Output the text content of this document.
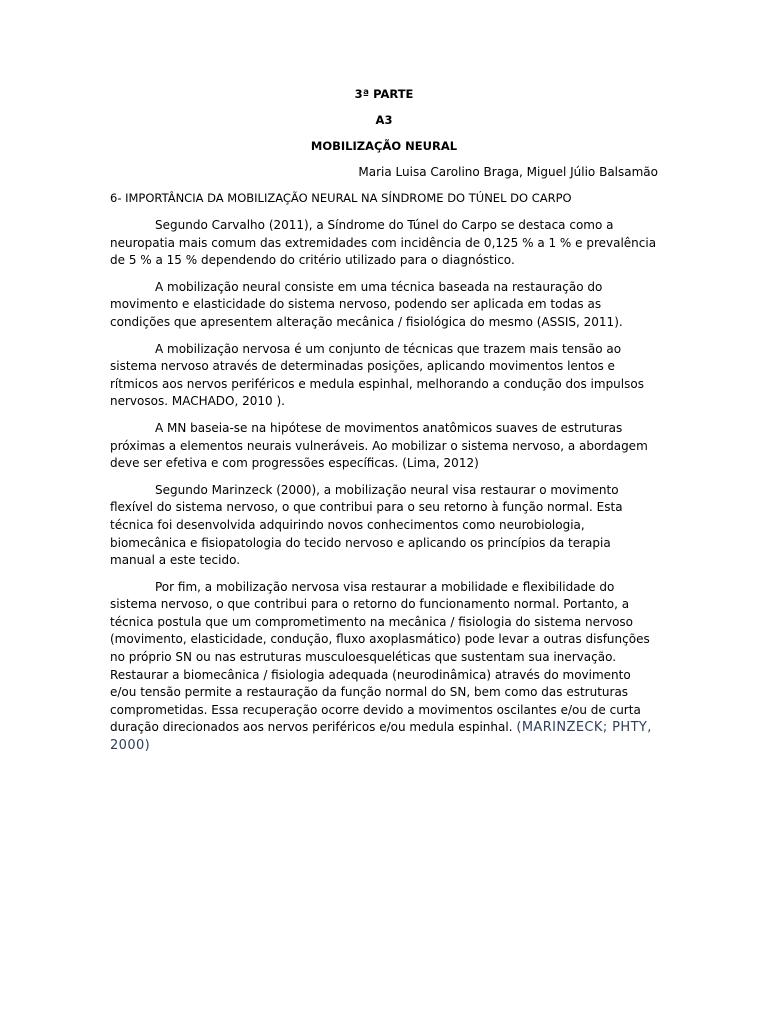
3ª PARTE
A3
MOBILIZAÇÃO NEURAL
Maria Luisa Carolino Braga, Miguel Júlio Balsamão
6- IMPORTÂNCIA DA MOBILIZAÇÃO NEURAL NA SÍNDROME DO TÚNEL DO CARPO

Segundo Carvalho (2011), a Síndrome do Túnel do Carpo se destaca como a neuropatia mais comum das extremidades com incidência de 0,125 % a 1 % e prevalência de 5 % a 15 % dependendo do critério utilizado para o diagnóstico.

A mobilização neural consiste em uma técnica baseada na restauração do movimento e elasticidade do sistema nervoso, podendo ser aplicada em todas as condições que apresentem alteração mecânica / fisiológica do mesmo (ASSIS, 2011).

A mobilização nervosa é um conjunto de técnicas que trazem mais tensão ao sistema nervoso através de determinadas posições, aplicando movimentos lentos e rítmicos aos nervos periféricos e medula espinhal, melhorando a condução dos impulsos nervosos. MACHADO, 2010 ).

A MN baseia-se na hipótese de movimentos anatômicos suaves de estruturas próximas a elementos neurais vulneráveis. Ao mobilizar o sistema nervoso, a abordagem deve ser efetiva e com progressões específicas. (Lima, 2012)

Segundo Marinzeck (2000), a mobilização neural visa restaurar o movimento flexível do sistema nervoso, o que contribui para o seu retorno à função normal. Esta técnica foi desenvolvida adquirindo novos conhecimentos como neurobiologia, biomecânica e fisiopatologia do tecido nervoso e aplicando os princípios da terapia manual a este tecido.

Por fim, a mobilização nervosa visa restaurar a mobilidade e flexibilidade do sistema nervoso, o que contribui para o retorno do funcionamento normal. Portanto, a técnica postula que um comprometimento na mecânica / fisiologia do sistema nervoso (movimento, elasticidade, condução, fluxo axoplasmático) pode levar a outras disfunções no próprio SN ou nas estruturas musculoesqueléticas que sustentam sua inervação. Restaurar a biomecânica / fisiologia adequada (neurodinâmica) através do movimento e/ou tensão permite a restauração da função normal do SN, bem como das estruturas comprometidas. Essa recuperação ocorre devido a movimentos oscilantes e/ou de curta duração direcionados aos nervos periféricos e/ou medula espinhal. (MARINZECK; PHTY, 2000)
